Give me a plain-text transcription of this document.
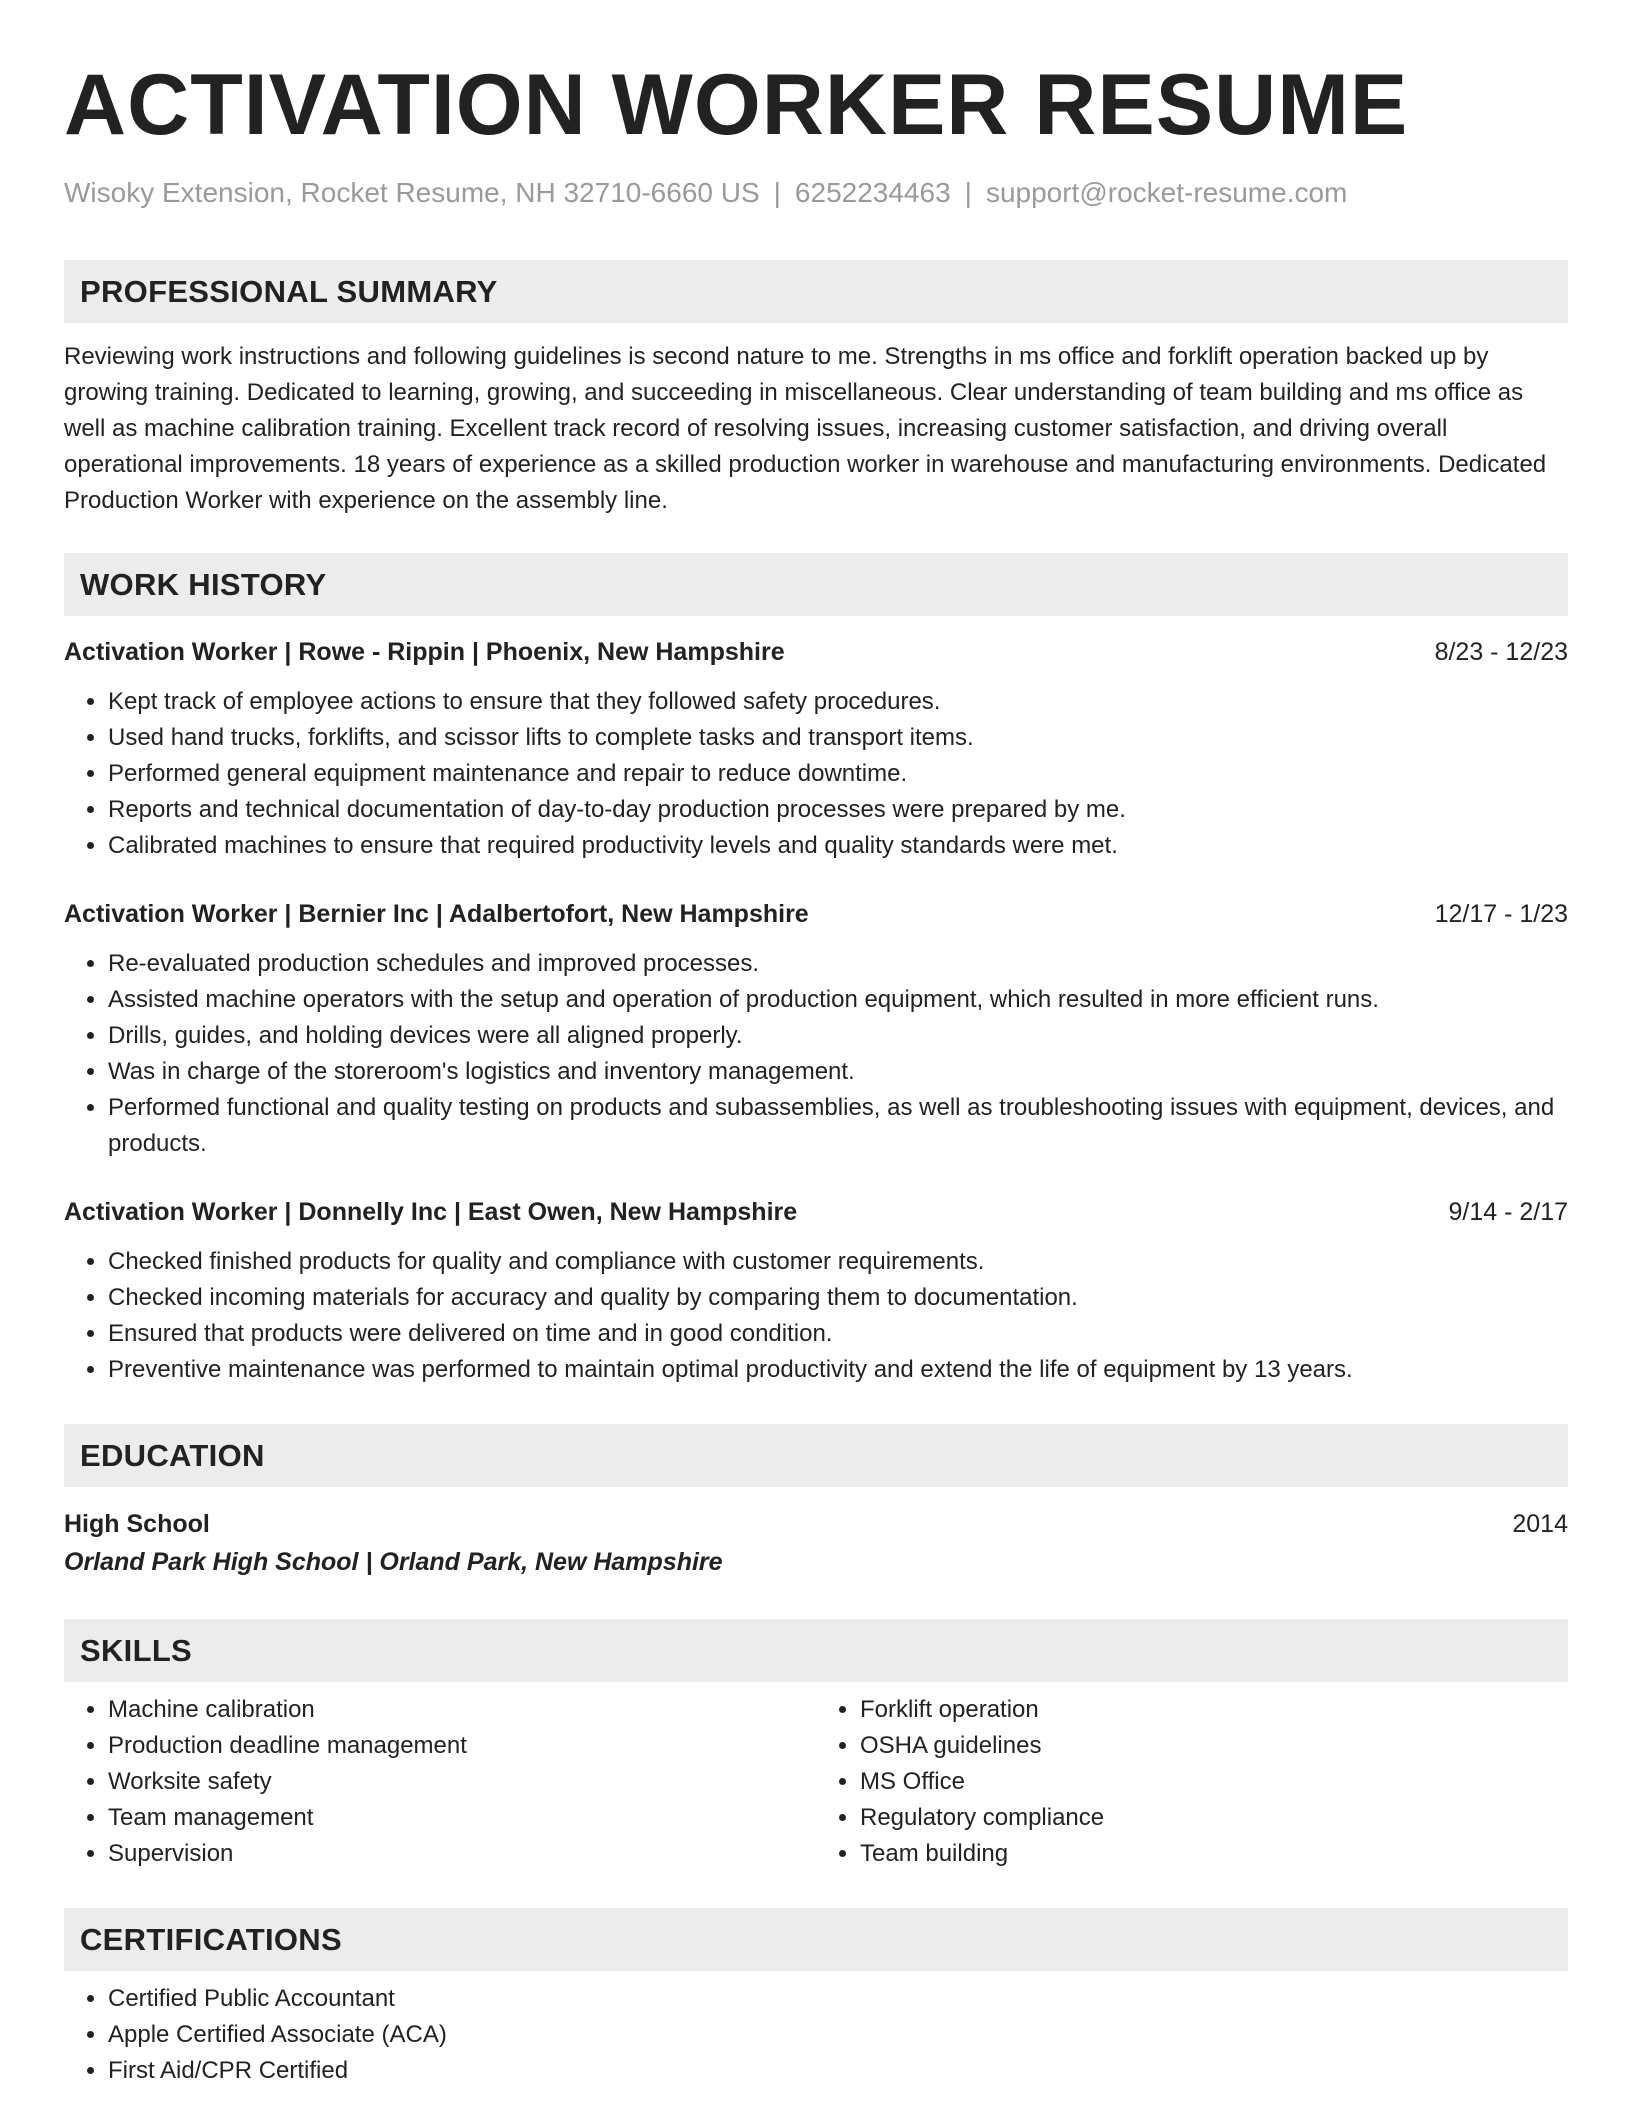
ACTIVATION WORKER RESUME
Wisoky Extension, Rocket Resume, NH 32710-6660 US | 6252234463 | support@rocket-resume.com
PROFESSIONAL SUMMARY
Reviewing work instructions and following guidelines is second nature to me. Strengths in ms office and forklift operation backed up by growing training. Dedicated to learning, growing, and succeeding in miscellaneous. Clear understanding of team building and ms office as well as machine calibration training. Excellent track record of resolving issues, increasing customer satisfaction, and driving overall operational improvements. 18 years of experience as a skilled production worker in warehouse and manufacturing environments. Dedicated Production Worker with experience on the assembly line.
WORK HISTORY
Activation Worker | Rowe - Rippin | Phoenix, New Hampshire	8/23 - 12/23
• Kept track of employee actions to ensure that they followed safety procedures.
• Used hand trucks, forklifts, and scissor lifts to complete tasks and transport items.
• Performed general equipment maintenance and repair to reduce downtime.
• Reports and technical documentation of day-to-day production processes were prepared by me.
• Calibrated machines to ensure that required productivity levels and quality standards were met.
Activation Worker | Bernier Inc | Adalbertofort, New Hampshire	12/17 - 1/23
• Re-evaluated production schedules and improved processes.
• Assisted machine operators with the setup and operation of production equipment, which resulted in more efficient runs.
• Drills, guides, and holding devices were all aligned properly.
• Was in charge of the storeroom's logistics and inventory management.
• Performed functional and quality testing on products and subassemblies, as well as troubleshooting issues with equipment, devices, and products.
Activation Worker | Donnelly Inc | East Owen, New Hampshire	9/14 - 2/17
• Checked finished products for quality and compliance with customer requirements.
• Checked incoming materials for accuracy and quality by comparing them to documentation.
• Ensured that products were delivered on time and in good condition.
• Preventive maintenance was performed to maintain optimal productivity and extend the life of equipment by 13 years.
EDUCATION
High School	2014
Orland Park High School | Orland Park, New Hampshire
SKILLS
• Machine calibration
• Production deadline management
• Worksite safety
• Team management
• Supervision
• Forklift operation
• OSHA guidelines
• MS Office
• Regulatory compliance
• Team building
CERTIFICATIONS
• Certified Public Accountant
• Apple Certified Associate (ACA)
• First Aid/CPR Certified
